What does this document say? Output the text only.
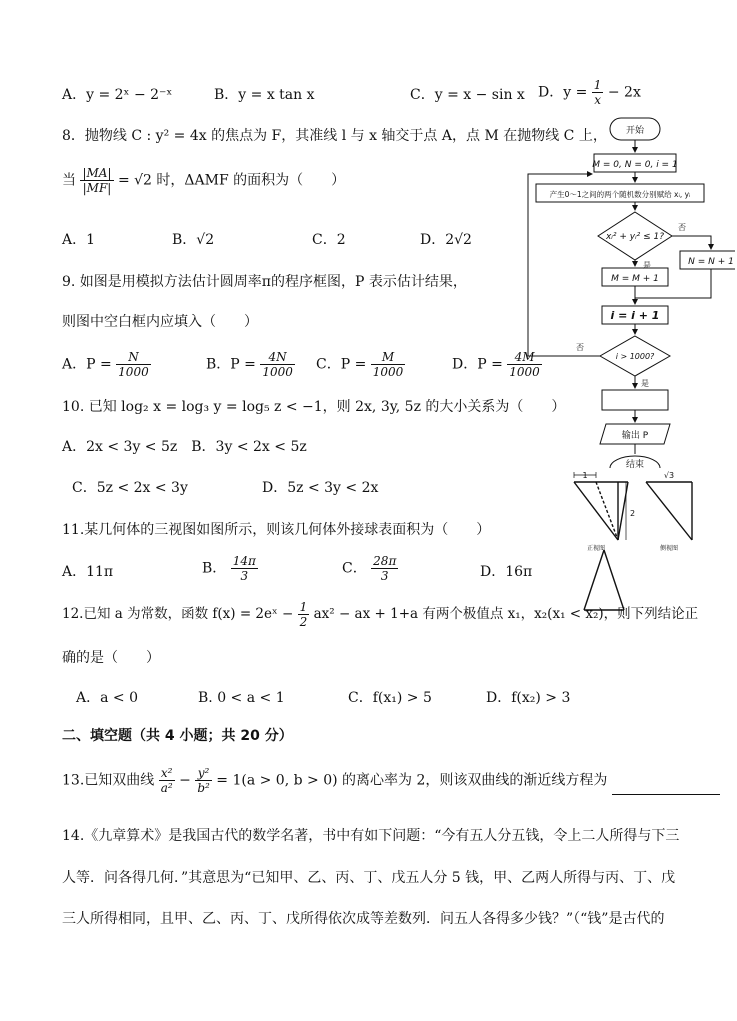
A．y = 2ˣ − 2⁻ˣ	B．y = x tan x	C．y = x − sin x D．$y = \frac{1}{x} - 2x$
8．抛物线 C : y² = 4x 的焦点为 F，其准线 l 与 x 轴交于点 A，点 M 在抛物线 C 上，
当 $\frac{|MA|}{|MF|} = √2$ 时，ΔAMF 的面积为（　　）
A．1	B．√2	C．2	D．2√2
9. 如图是用模拟方法估计圆周率π的程序框图，P 表示估计结果，
则图中空白框内应填入（　　）
A．$P = \frac{N}{1000}$	B．$P = \frac{4N}{1000}$ C．$P = \frac{M}{1000}$	D．$P = \frac{4M}{1000}$
10. 已知 log₂ x = log₃ y = log₅ z < −1，则 2x, 3y, 5z 的大小关系为（　　）
A．2x < 3y < 5z　B．3y < 2x < 5z
C．5z < 2x < 3y	D．5z < 3y < 2x
11.某几何体的三视图如图所示，则该几何体外接球表面积为（　　）
A．11π	B． $\frac{14\pi}{3}$	C． $\frac{28\pi}{3}$	D．16π
12.已知 a 为常数，函数 f(x) = 2eˣ − $\frac{1}{2} ax^2$ − ax + 1+a 有两个极值点 x₁，x₂(x₁ < x₂)，则下列结论正
确的是（　　）
A．a < 0	B. 0 < a < 1	C．f(x₁) > 5	D．f(x₂) > 3
二、填空题（共 4 小题；共 20 分）
13.已知双曲线 $\frac{\text{x²}}{\text{a²}} - \frac{\text{y²}}{\text{b²}} = 1(a > 0$, b > 0) 的离心率为 2，则该双曲线的渐近线方程为
14.《九章算术》是我国古代的数学名著，书中有如下问题：“今有五人分五钱，令上二人所得与下三
人等．问各得几何．”其意思为“已知甲、乙、丙、丁、戊五人分 5 钱，甲、乙两人所得与丙、丁、戊
三人所得相同，且甲、乙、丙、丁、戊所得依次成等差数列．问五人各得多少钱？”（“钱”是古代的
开始
M = 0, N = 0, i = 1
产生0～1之间的两个随机数分别赋给 xᵢ, yᵢ
xᵢ² + yᵢ² ≤ 1?
是
否
M = M + 1
N = N + 1
i = i + 1
i > 1000?
否
是
输出 P
结束
1	√3
2
正视图	侧视图
